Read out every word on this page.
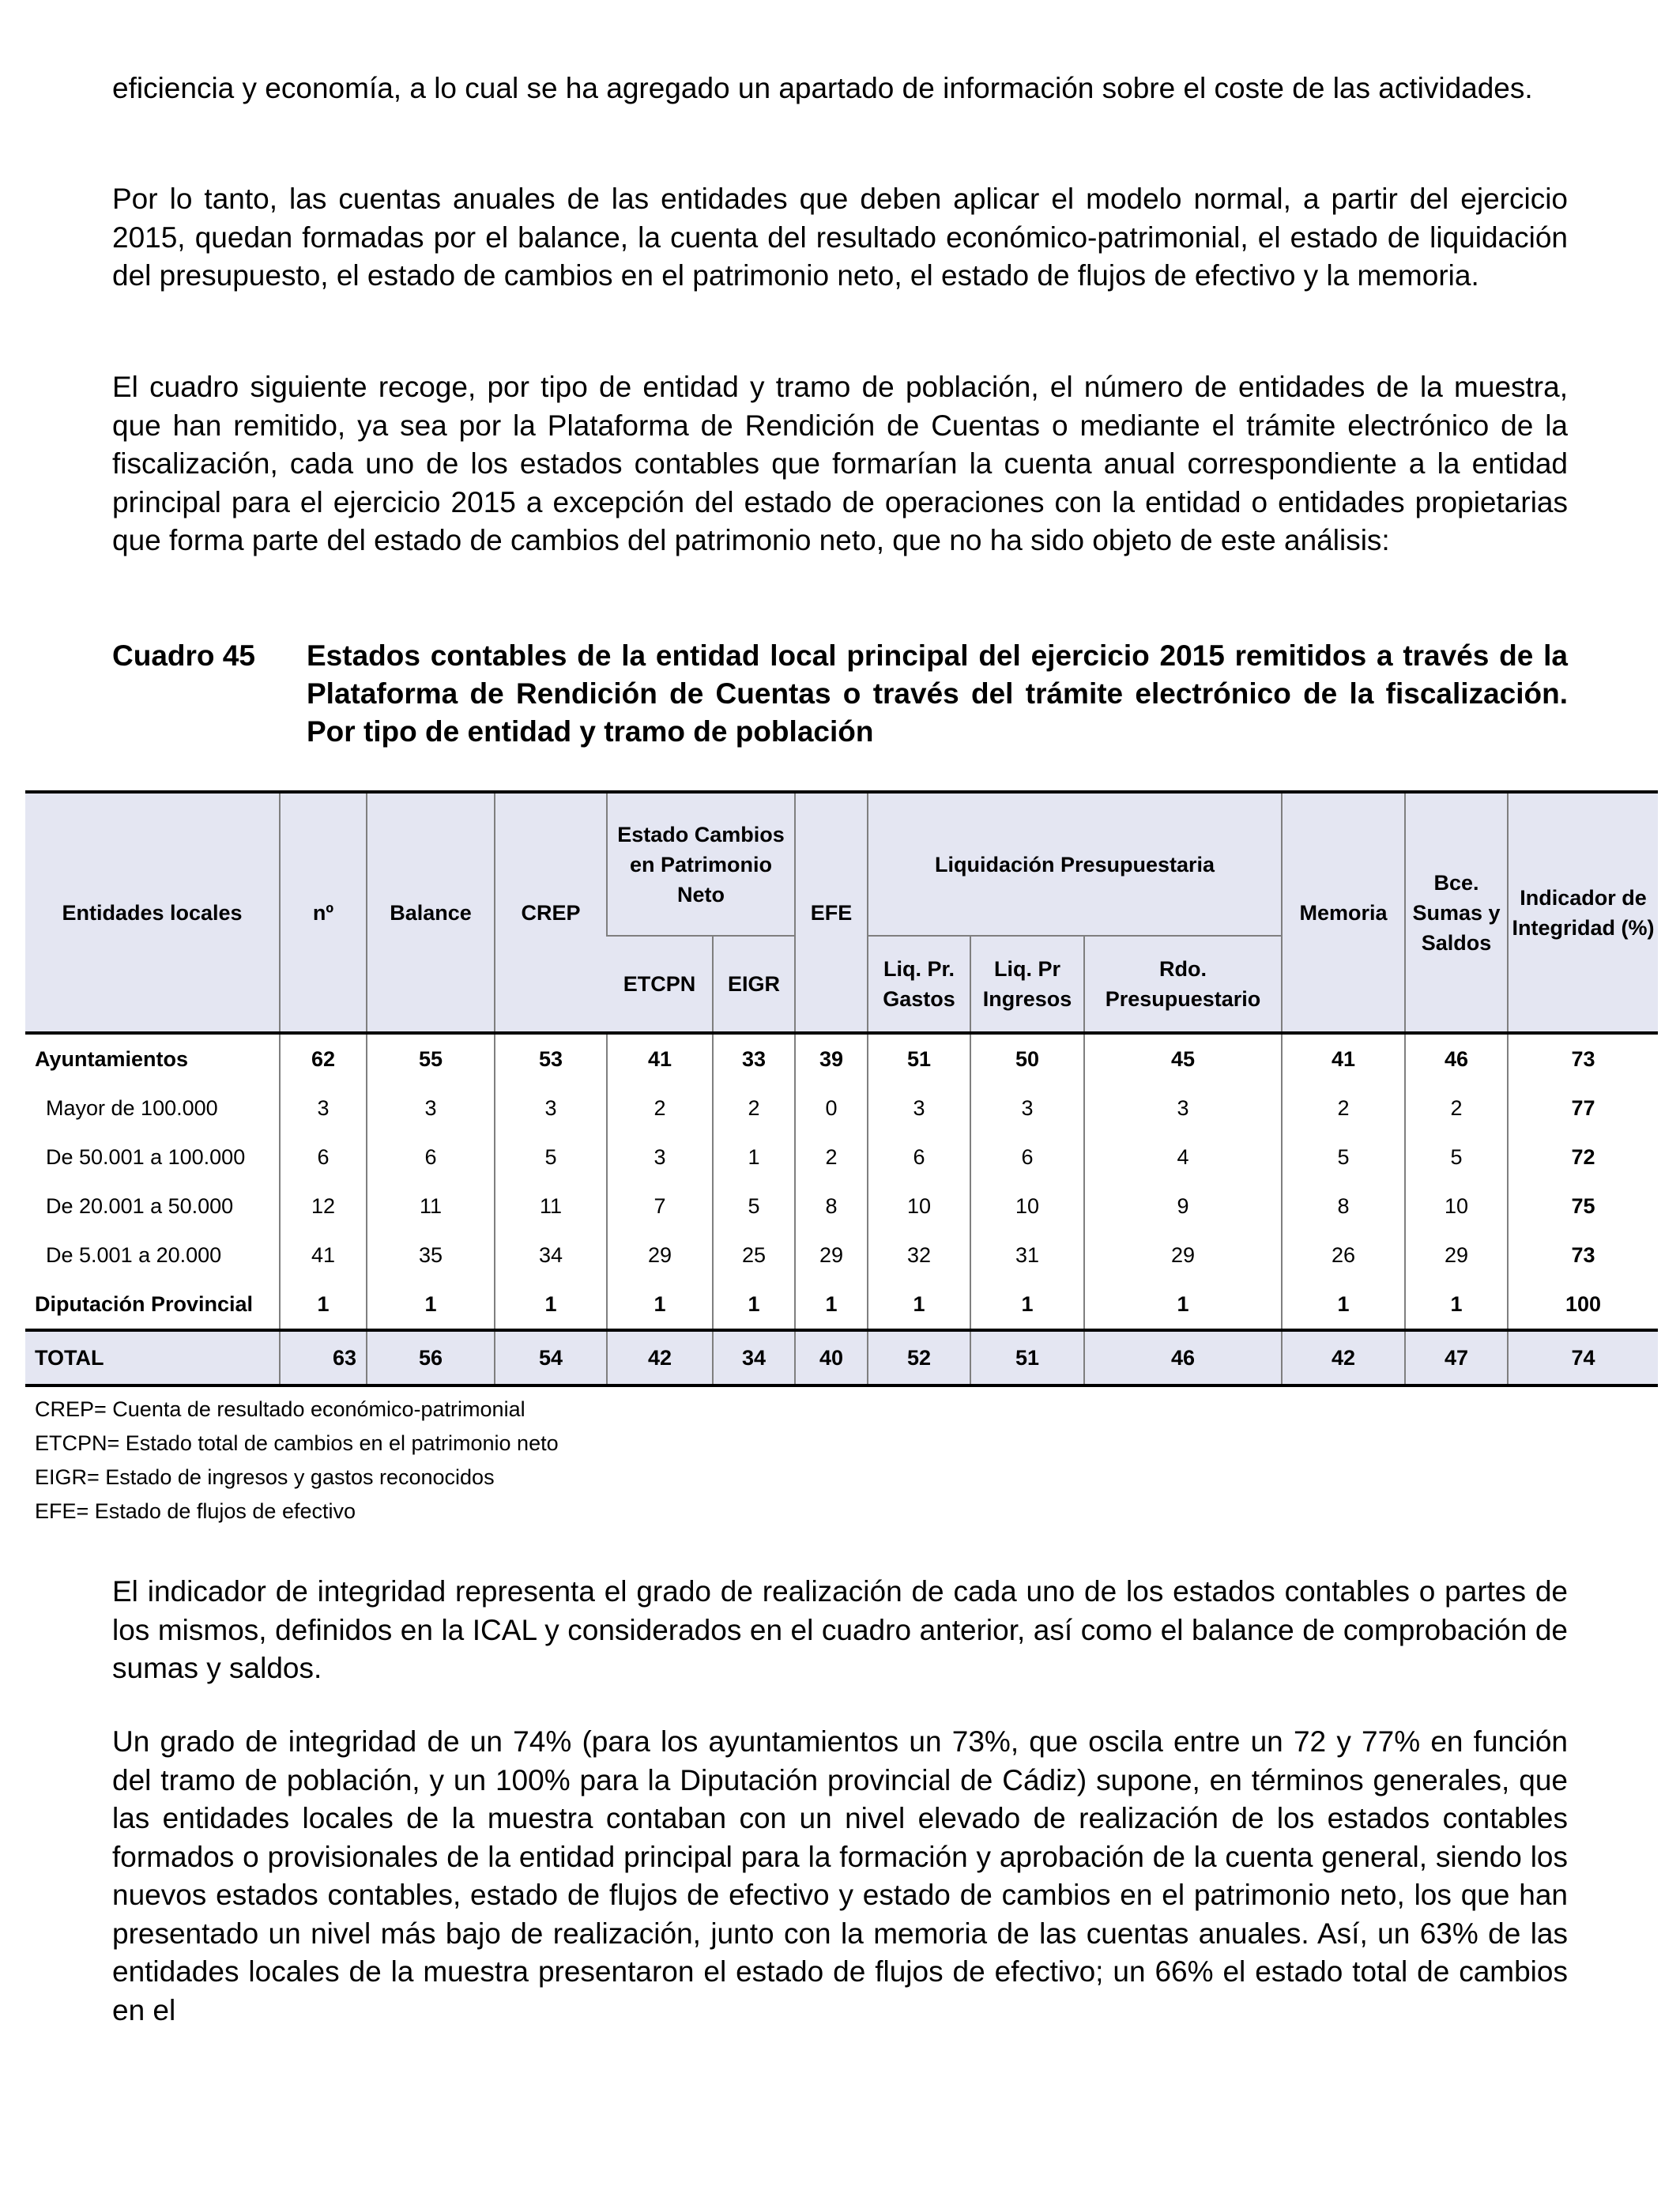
eficiencia y economía, a lo cual se ha agregado un apartado de información sobre el coste de las actividades.

Por lo tanto, las cuentas anuales de las entidades que deben aplicar el modelo normal, a partir del ejercicio 2015, quedan formadas por el balance, la cuenta del resultado económico-patrimonial, el estado de liquidación del presupuesto, el estado de cambios en el patrimonio neto, el estado de flujos de efectivo y la memoria.

El cuadro siguiente recoge, por tipo de entidad y tramo de población, el número de entidades de la muestra, que han remitido, ya sea por la Plataforma de Rendición de Cuentas o mediante el trámite electrónico de la fiscalización, cada uno de los estados contables que formarían la cuenta anual correspondiente a la entidad principal para el ejercicio 2015 a excepción del estado de operaciones con la entidad o entidades propietarias que forma parte del estado de cambios del patrimonio neto, que no ha sido objeto de este análisis:

Cuadro 45 Estados contables de la entidad local principal del ejercicio 2015 remitidos a través de la Plataforma de Rendición de Cuentas o través del trámite electrónico de la fiscalización. Por tipo de entidad y tramo de población

Entidades locales	nº	Balance	CREP	Estado Cambios en Patrimonio Neto		EFE	Liquidación Presupuestaria			Memoria	Bce. Sumas y Saldos	Indicador de Integridad (%)
				ETCPN	EIGR		Liq. Pr. Gastos	Liq. Pr Ingresos	Rdo. Presupuestario			
Ayuntamientos	62	55	53	41	33	39	51	50	45	41	46	73
Mayor de 100.000	3	3	3	2	2	0	3	3	3	2	2	77
De 50.001 a 100.000	6	6	5	3	1	2	6	6	4	5	5	72
De 20.001 a 50.000	12	11	11	7	5	8	10	10	9	8	10	75
De 5.001 a 20.000	41	35	34	29	25	29	32	31	29	26	29	73
Diputación Provincial	1	1	1	1	1	1	1	1	1	1	1	100
TOTAL	63	56	54	42	34	40	52	51	46	42	47	74
CREP= Cuenta de resultado económico-patrimonial
ETCPN= Estado total de cambios en el patrimonio neto
EIGR= Estado de ingresos y gastos reconocidos
EFE= Estado de flujos de efectivo

El indicador de integridad representa el grado de realización de cada uno de los estados contables o partes de los mismos, definidos en la ICAL y considerados en el cuadro anterior, así como el balance de comprobación de sumas y saldos.

Un grado de integridad de un 74% (para los ayuntamientos un 73%, que oscila entre un 72 y 77% en función del tramo de población, y un 100% para la Diputación provincial de Cádiz) supone, en términos generales, que las entidades locales de la muestra contaban con un nivel elevado de realización de los estados contables formados o provisionales de la entidad principal para la formación y aprobación de la cuenta general, siendo los nuevos estados contables, estado de flujos de efectivo y estado de cambios en el patrimonio neto, los que han presentado un nivel más bajo de realización, junto con la memoria de las cuentas anuales. Así, un 63% de las entidades locales de la muestra presentaron el estado de flujos de efectivo; un 66% el estado total de cambios en el
